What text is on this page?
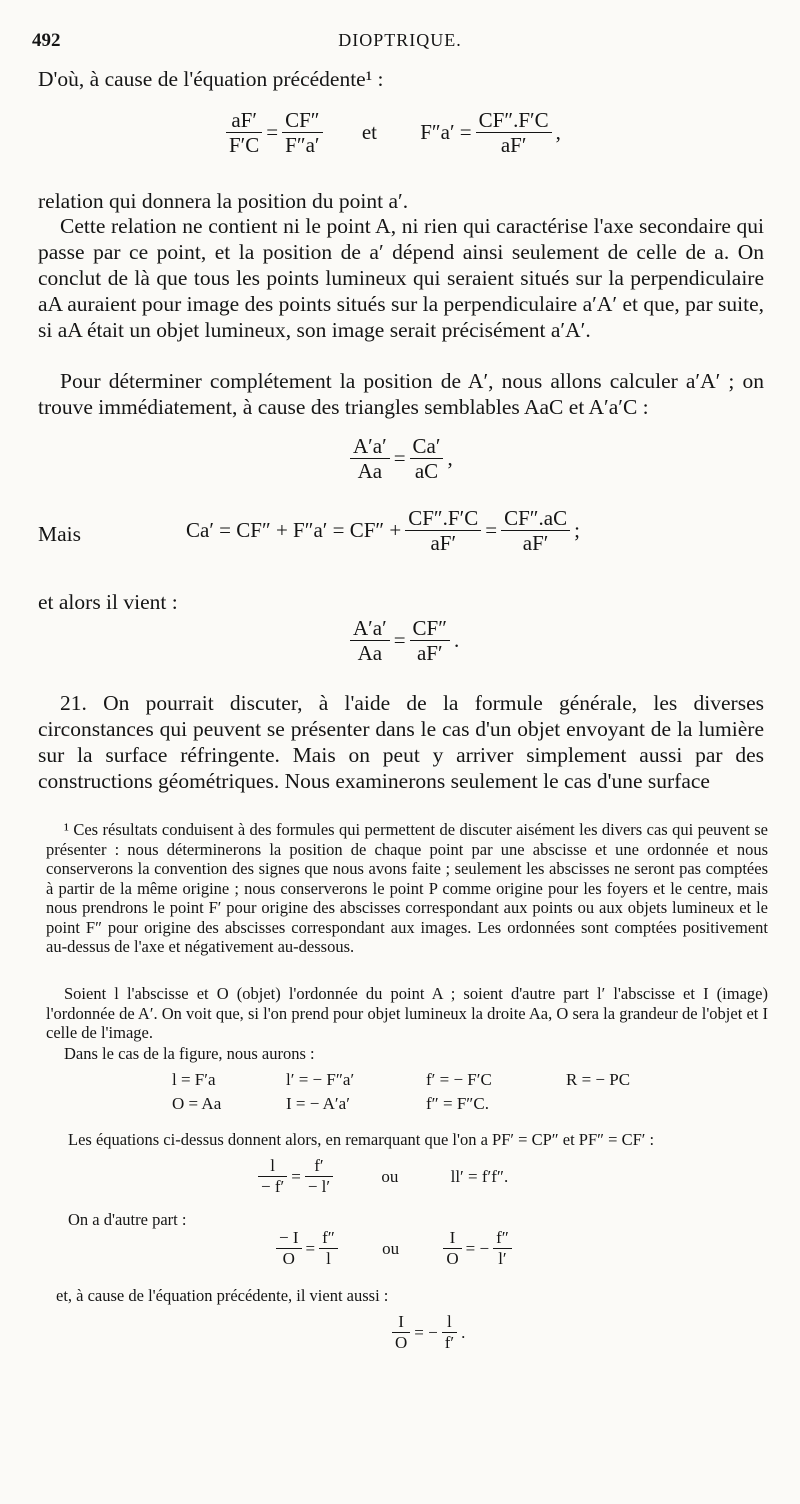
492	DIOPTRIQUE.
D'où, à cause de l'équation précédente¹ :
$\frac{aF'}{F'C} = \frac{CF''}{F''a'}$ et $F''a' = \frac{CF''.F'C}{aF'}$ ,
relation qui donnera la position du point a′.
Cette relation ne contient ni le point A, ni rien qui caractérise l'axe secondaire qui passe par ce point, et la position de a′ dépend ainsi seulement de celle de a. On conclut de là que tous les points lumineux qui seraient situés sur la perpendiculaire aA auraient pour image des points situés sur la perpendiculaire a′A′ et que, par suite, si aA était un objet lumineux, son image serait précisément a′A′.
Pour déterminer complétement la position de A′, nous allons calculer a′A′ ; on trouve immédiatement, à cause des triangles semblables AaC et A′a′C :
$\frac{A'a'}{Aa} = \frac{Ca'}{aC}$ ,
Mais	$Ca' = CF'' + F''a' = CF'' + \frac{CF''.F'C}{aF'} = \frac{CF''.aC}{aF'}$ ;
et alors il vient :
$\frac{A'a'}{Aa} = \frac{CF''}{aF'}$ .
21. On pourrait discuter, à l'aide de la formule générale, les diverses circonstances qui peuvent se présenter dans le cas d'un objet envoyant de la lumière sur la surface réfringente. Mais on peut y arriver simplement aussi par des constructions géométriques. Nous examinerons seulement le cas d'une surface
¹ Ces résultats conduisent à des formules qui permettent de discuter aisément les divers cas qui peuvent se présenter : nous déterminerons la position de chaque point par une abscisse et une ordonnée et nous conserverons la convention des signes que nous avons faite ; seulement les abscisses ne seront pas comptées à partir de la même origine ; nous conserverons le point P comme origine pour les foyers et le centre, mais nous prendrons le point F′ pour origine des abscisses correspondant aux points ou aux objets lumineux et le point F″ pour origine des abscisses correspondant aux images. Les ordonnées sont comptées positivement au-dessus de l'axe et négativement au-dessous.
Soient l l'abscisse et O (objet) l'ordonnée du point A ; soient d'autre part l′ l'abscisse et I (image) l'ordonnée de A′. On voit que, si l'on prend pour objet lumineux la droite Aa, O sera la grandeur de l'objet et I celle de l'image.
Dans le cas de la figure, nous aurons :
l = F′a	l′ = − F″a′	f′ = − F′C	R = − PC
O = Aa	I = − A′a′	f″ = F″C.
Les équations ci-dessus donnent alors, en remarquant que l'on a PF′ = CP″ et PF″ = CF′ :
$\frac{l}{- f'} = \frac{f'}{- l'}$	ou	ll′ = f′f″.
On a d'autre part :
$\frac{- I}{O} = \frac{f''}{l}$	ou	$\frac{I}{O}$ = − $\frac{f''}{l'}$
et, à cause de l'équation précédente, il vient aussi :
$\frac{I}{O}$ = − $\frac{l}{f'}$ .
